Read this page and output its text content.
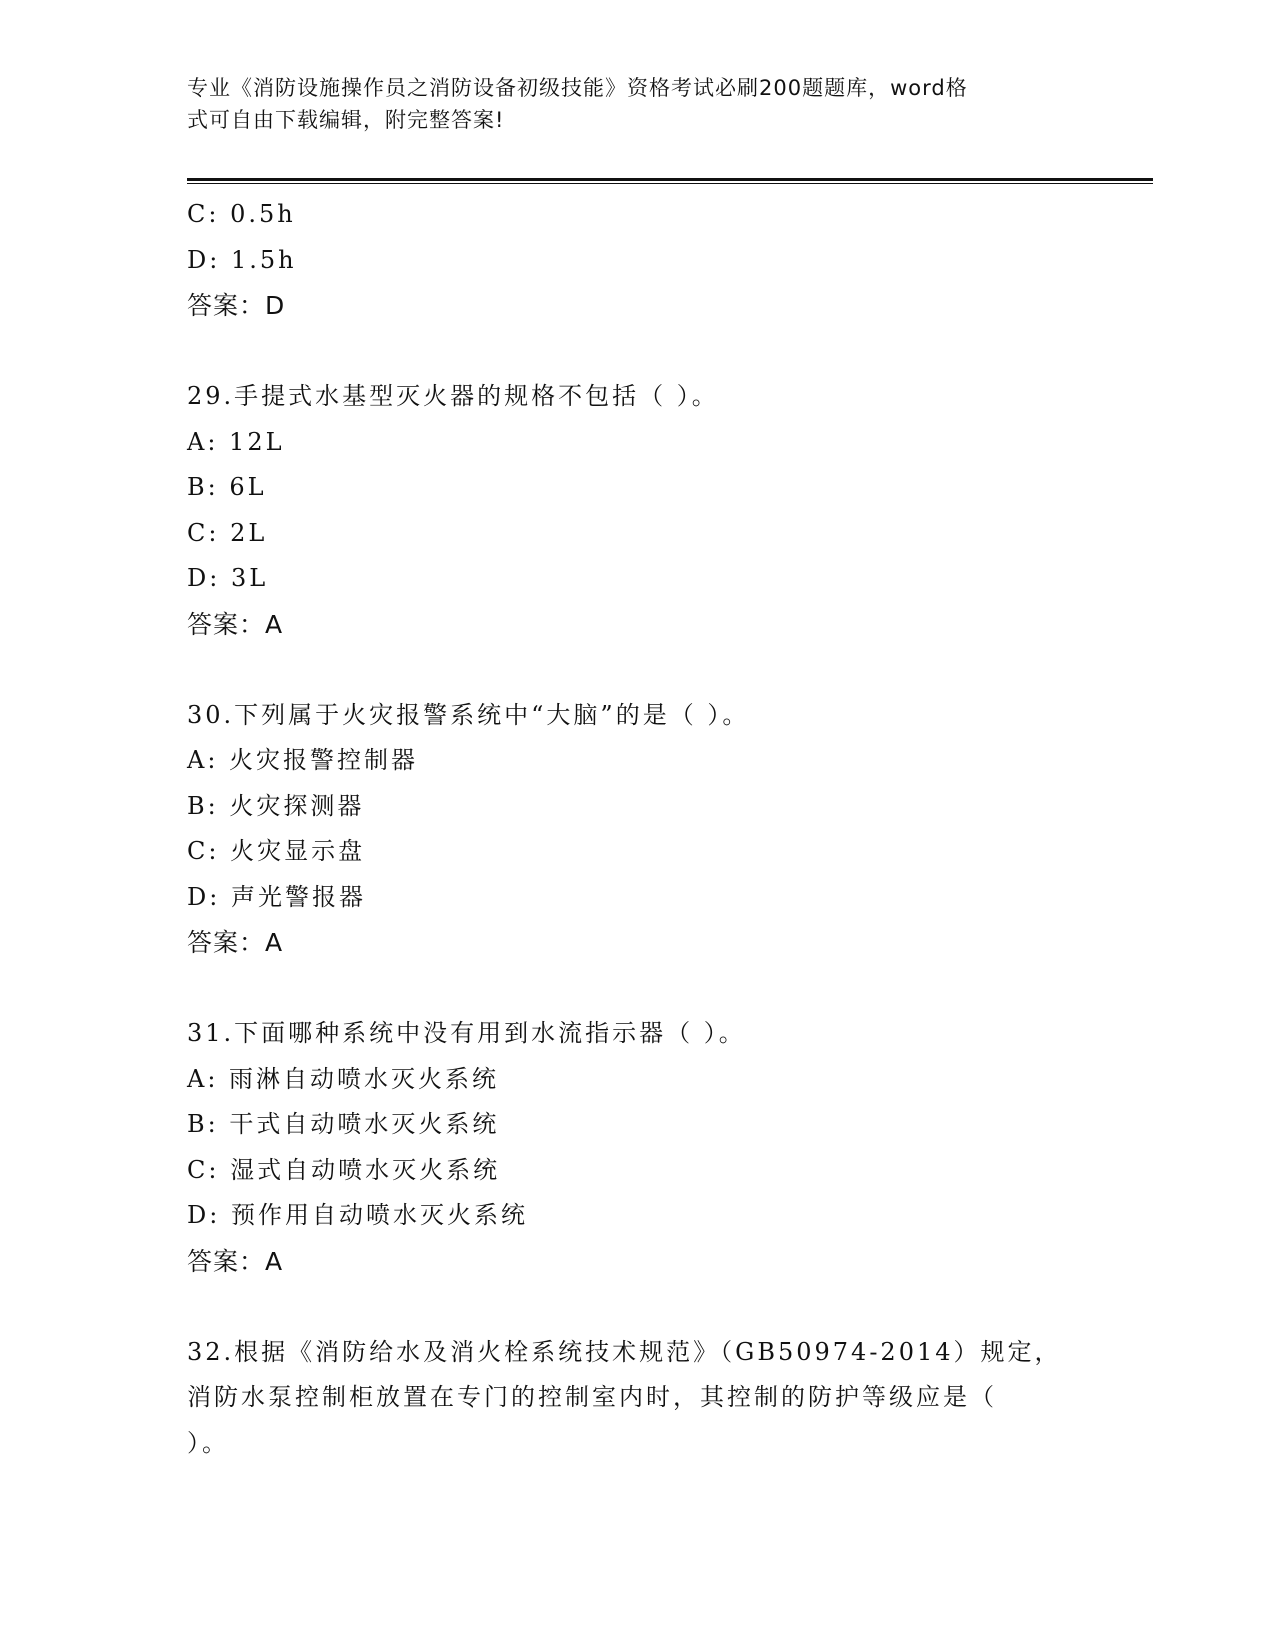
专业《消防设施操作员之消防设备初级技能》资格考试必刷200题题库，word格
式可自由下载编辑，附完整答案!
C: 0.5h
D: 1.5h
答案：D
29.手提式水基型灭火器的规格不包括（ ）。
A: 12L
B: 6L
C: 2L
D: 3L
答案：A
30.下列属于火灾报警系统中“大脑”的是（ ）。
A: 火灾报警控制器
B: 火灾探测器
C: 火灾显示盘
D: 声光警报器
答案：A
31.下面哪种系统中没有用到水流指示器（ ）。
A: 雨淋自动喷水灭火系统
B: 干式自动喷水灭火系统
C: 湿式自动喷水灭火系统
D: 预作用自动喷水灭火系统
答案：A
32.根据《消防给水及消火栓系统技术规范》（GB50974-2014）规定，
消防水泵控制柜放置在专门的控制室内时，其控制的防护等级应是（
）。
